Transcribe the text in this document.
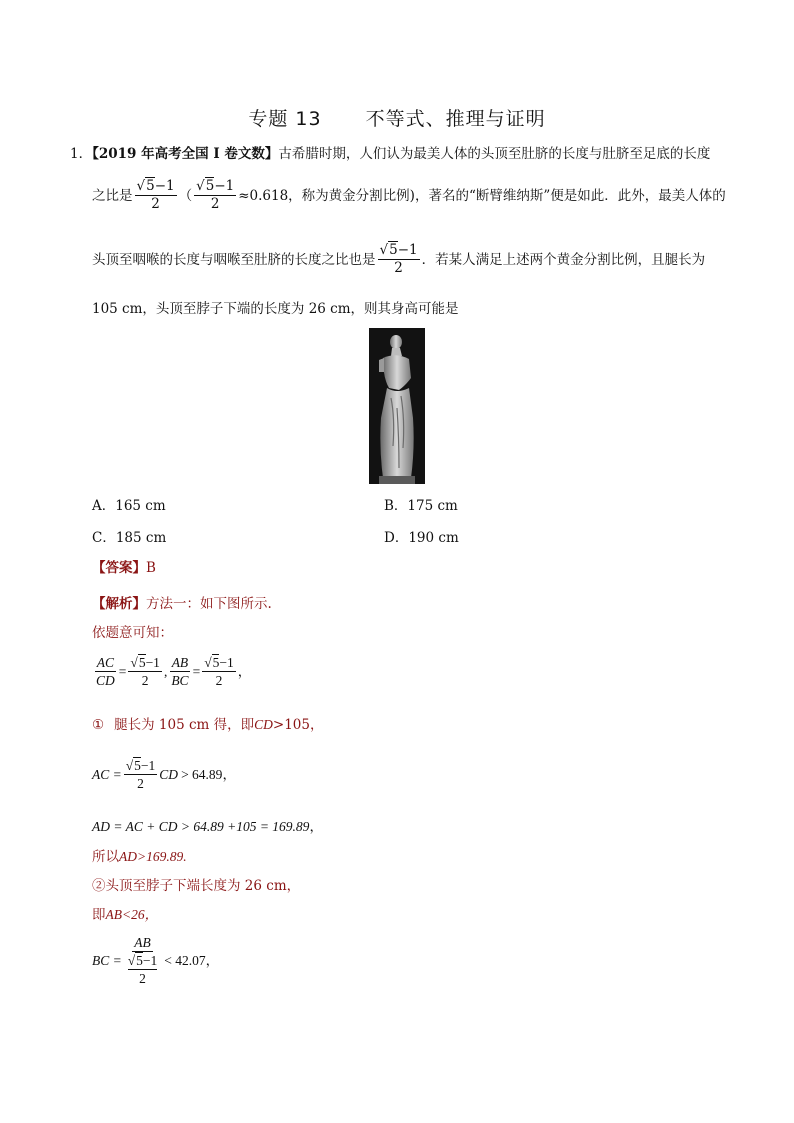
专题 13 不等式、推理与证明
1．【2019 年高考全国 I 卷文数】古希腊时期，人们认为最美人体的头顶至肚脐的长度与肚脐至足底的长度
之比是 $\frac{√5-1}{2}$ （ $\frac{√5-1}{2} \approx 0.618$，称为黄金分割比例)，著名的“断臂维纳斯”便是如此．此外，最美人体的
头顶至咽喉的长度与咽喉至肚脐的长度之比也是 $\frac{√5-1}{2}$ ．若某人满足上述两个黄金分割比例，且腿长为
105 cm，头顶至脖子下端的长度为 26 cm，则其身高可能是
A．165 cm	B．175 cm
C．185 cm	D．190 cm
【答案】B
【解析】方法一：如下图所示.
依题意可知：
$\frac{AC}{CD} = \frac{√5-1}{2}$ , $\frac{AB}{BC} = \frac{√5-1}{2}$ ，
① 腿长为 105 cm 得，即CD>105，
AC = $\frac{√5-1}{2}$ CD > 64.89 ，
AD = AC + CD > 64.89 +105 = 169.89，
所以AD>169.89.
②头顶至脖子下端长度为 26 cm，
即AB<26，
BC = AB
√5−1
2 < 42.07 ，
